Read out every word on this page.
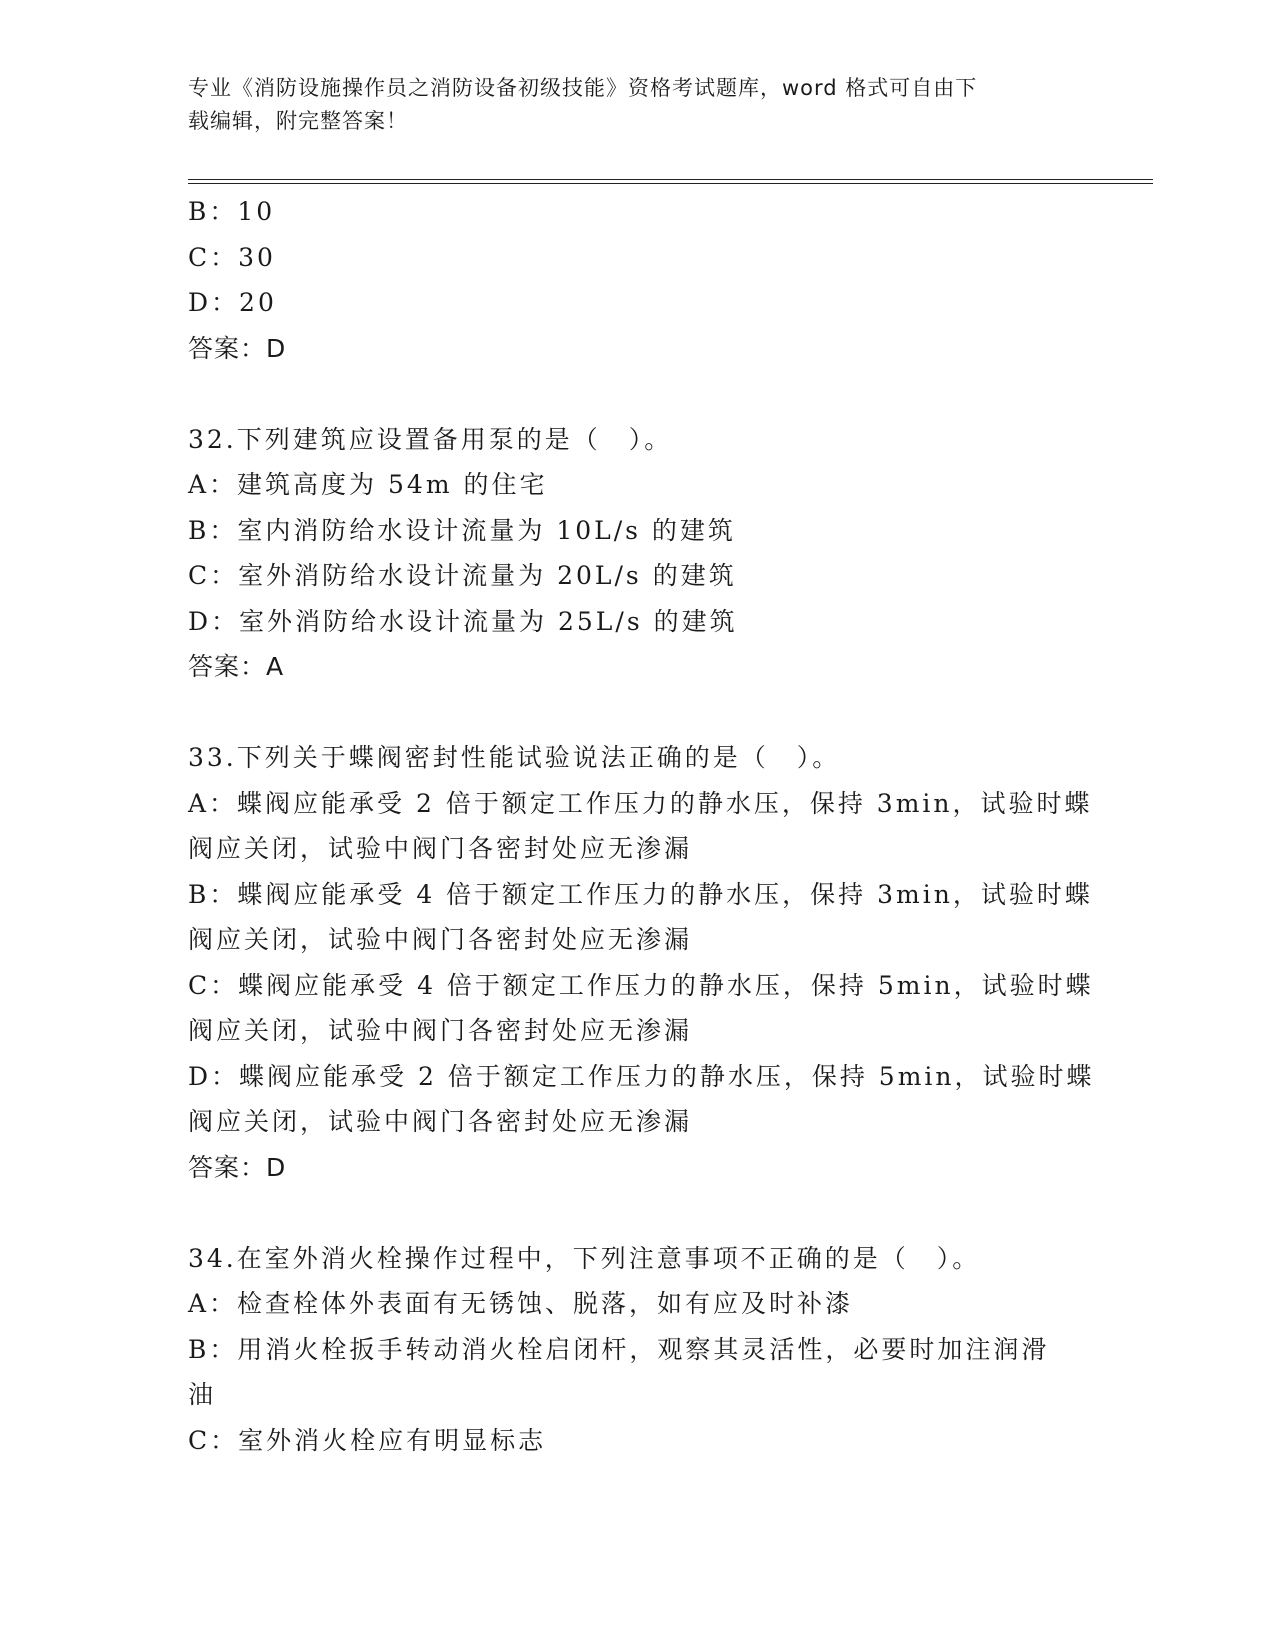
专业《消防设施操作员之消防设备初级技能》资格考试题库，word 格式可自由下
载编辑，附完整答案！
B：10
C：30
D：20
答案：D
32.下列建筑应设置备用泵的是（　）。
A：建筑高度为 54m 的住宅
B：室内消防给水设计流量为 10L/s 的建筑
C：室外消防给水设计流量为 20L/s 的建筑
D：室外消防给水设计流量为 25L/s 的建筑
答案：A
33.下列关于蝶阀密封性能试验说法正确的是（　）。
A：蝶阀应能承受 2 倍于额定工作压力的静水压，保持 3min，试验时蝶
阀应关闭，试验中阀门各密封处应无渗漏
B：蝶阀应能承受 4 倍于额定工作压力的静水压，保持 3min，试验时蝶
阀应关闭，试验中阀门各密封处应无渗漏
C：蝶阀应能承受 4 倍于额定工作压力的静水压，保持 5min，试验时蝶
阀应关闭，试验中阀门各密封处应无渗漏
D：蝶阀应能承受 2 倍于额定工作压力的静水压，保持 5min，试验时蝶
阀应关闭，试验中阀门各密封处应无渗漏
答案：D
34.在室外消火栓操作过程中，下列注意事项不正确的是（　）。
A：检查栓体外表面有无锈蚀、脱落，如有应及时补漆
B：用消火栓扳手转动消火栓启闭杆，观察其灵活性，必要时加注润滑
油
C：室外消火栓应有明显标志
